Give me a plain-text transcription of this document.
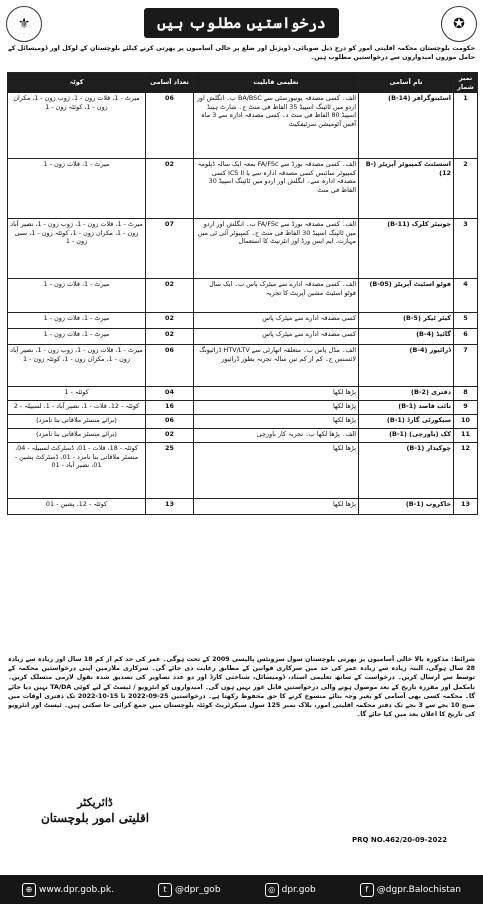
⚜	درخواستیں مطلوب ہیں	✪
حکومت بلوچستان محکمہ اقلیتی امور کو درج ذیل صوبائی، ڈویژنل اور ضلع پر خالی آسامیوں پر بھرتی کرنے کیلئے بلوچستان کے لوکل اور ڈومیسائل کے حامل موزوں امیدواروں سے درخواستیں مطلوب ہیں۔
نمبر شمار	نام آسامی	تعلیمی قابلیت	تعداد آسامی	کوٹہ
1	اسٹینوگرافر (B-14)	الف۔ کسی مصدقہ یونیورسٹی سے BA/BSC ب۔ انگلش اور اردو میں ٹائپنگ اسپیڈ 35 الفاظ فی منٹ ج۔ شارٹ ہینڈ اسپیڈ 80 الفاظ فی منٹ د۔ کسی مصدقہ ادارہ سے 3 ماہ آفس آٹومیشن سرٹیفکیٹ	06	میرٹ - 1، قلات زون - 1، ژوب زون - 1، مکران زون - 1، کوئٹہ زون - 1
2	اسسٹنٹ کمپیوٹر آپریٹر (B-12)	الف۔ کسی مصدقہ بورڈ سے FA/FSc بمعہ ایک سالہ ڈپلومہ کمپیوٹر سائنس کسی مصدقہ ادارہ سے یا ICS II کسی مصدقہ ادارہ سے۔ انگلش اور اردو میں ٹائپنگ اسپیڈ 30 الفاظ فی منٹ	02	میرٹ - 1، قلات زون - 1
3	جونیئر کلرک (B-11)	الف۔ کسی مصدقہ بورڈ سے FA/FSc ب۔ انگلش اور اردو میں ٹائپنگ اسپیڈ 30 الفاظ فی منٹ ج۔ کمپیوٹر آئی ٹی میں مہارت، ایم ایس ورڈ اور انٹرنیٹ کا استعمال	07	میرٹ - 1، قلات زون - 1، ژوب زون - 1، نصیر آباد زون - 1، مکران زون - 1، کوئٹہ زون - 1، سبی زون - 1
4	فوٹو اسٹیٹ آپریٹر (B-05)	الف۔ کسی مصدقہ ادارے سے میٹرک پاس ب۔ ایک سال فوٹو اسٹیٹ مشین آپریٹ کا تجربہ	02	میرٹ - 1، قلات زون - 1
5	کیئر ٹیکر (B-5)	کسی مصدقہ ادارے سے میٹرک پاس	02	میرٹ - 1، قلات زون - 1
6	گائیڈ (B-4)	کسی مصدقہ ادارے سے میٹرک پاس	02	میرٹ - 1، قلات زون - 1
7	ڈرائیور (B-4)	الف۔ مڈل پاس ب۔ متعلقہ اتھارٹی سے HTV/LTV ڈرائیونگ لائسنس ج۔ کم از کم تین سالہ تجربہ بطور ڈرائیور	06	میرٹ - 1، قلات زون - 1، ژوب زون - 1، نصیر آباد زون - 1، مکران زون - 1، کوئٹہ زون - 1
8	دفتری (B-2)	پڑھا لکھا	04	کوئٹہ - 1
9	نائب قاصد (B-1)	پڑھا لکھا	16	کوئٹہ - 12، قلات - 1، نصیر آباد - 1، لسبیلہ - 2
10	سیکورٹی گارڈ (B-1)	پڑھا لکھا	06	(برائے منسٹر ملاقاتی بنا نامزد)
11	کک (باورچی) (B-1)	الف۔ پڑھا لکھا ب۔ تجربہ کار باورچی	02	(برائے منسٹر ملاقاتی بنا نامزد)
12	چوکیدار (B-1)	پڑھا لکھا	25	کوئٹہ - 18، قلات - 01، ڈسٹرکٹ لسبیلہ - 04، منسٹر ملاقاتی بنا نامزد - 01، ڈسٹرکٹ پشین - 01، نصیر آباد - 01
13	خاکروب (B-1)	پڑھا لکھا	13	کوئٹہ - 12، پشین - 01
شرائط: مذکورہ بالا خالی آسامیوں پر بھرتی بلوچستان سول سرونٹس پالیسی 2009 کے تحت ہوگی۔ عمر کی حد کم از کم 18 سال اور زیادہ سے زیادہ 28 سال ہوگی، البتہ زیادہ سے زیادہ عمر کی حد میں سرکاری قوانین کے مطابق رعایت دی جائے گی۔ سرکاری ملازمین اپنی درخواستیں محکمہ کے توسط سے ارسال کریں۔ درخواست کے ساتھ تعلیمی اسناد، ڈومیسائل، شناختی کارڈ اور دو عدد تصاویر کی تصدیق شدہ نقول لازمی منسلک کریں۔ نامکمل اور مقررہ تاریخ کے بعد موصول ہونے والی درخواستیں قابل غور نہیں ہوں گی۔ امیدواروں کو انٹرویو / ٹیسٹ کے لیے کوئی TA/DA نہیں دیا جائے گا۔ محکمہ کسی بھی آسامی کو بغیر وجہ بتائے منسوخ کرنے کا حق محفوظ رکھتا ہے۔ درخواستیں 25-09-2022 تا 15-10-2022 تک دفتری اوقات میں صبح 10 بجے سے 3 بجے تک دفتر محکمہ اقلیتی امور، بلاک نمبر 125 سول سیکرٹریٹ کوئٹہ بلوچستان میں جمع کرائی جا سکتی ہیں۔ ٹیسٹ اور انٹرویو کی تاریخ کا اعلان بعد میں کیا جائے گا۔
ڈائریکٹر
اقلیتی امور بلوچستان
PRQ NO.462/20-09-2022
⊕ www.dpr.gob.pk.	t @dpr_gob	◎ dpr.gob	f @dgpr.Balochistan
